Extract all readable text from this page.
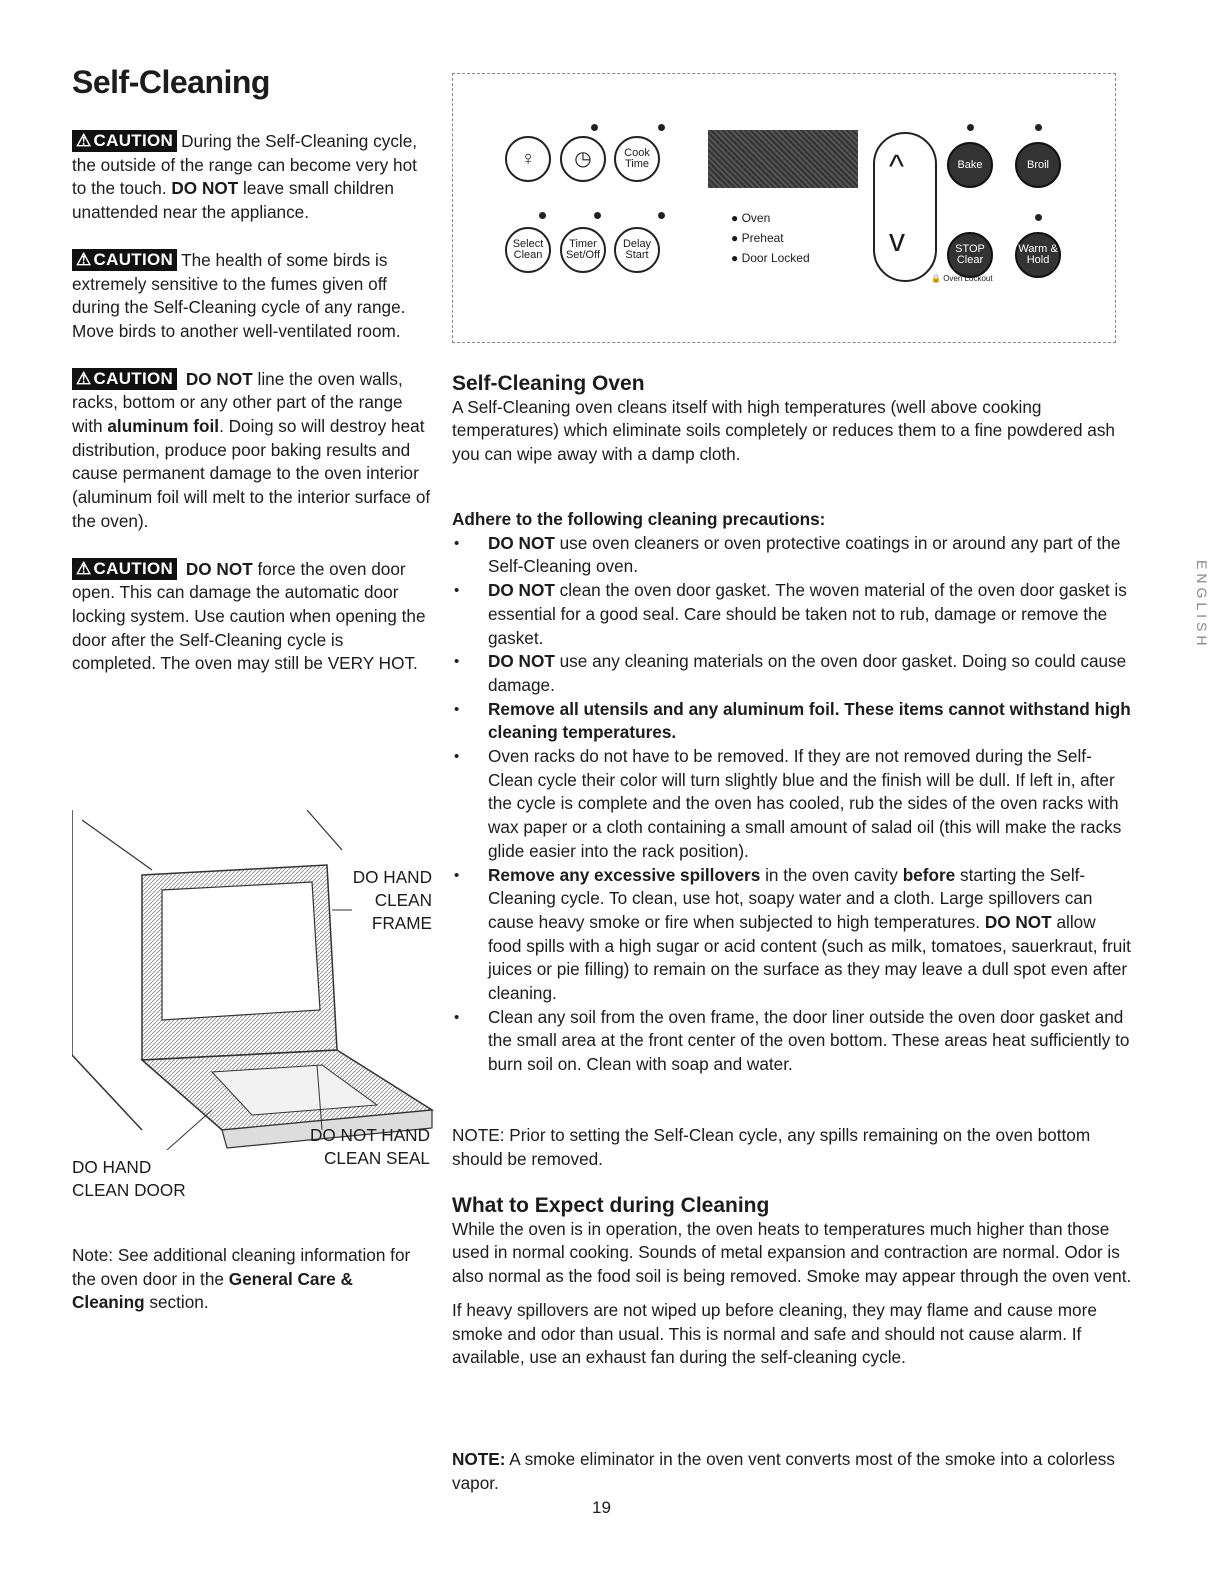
Self-Cleaning
⚠ CAUTION During the Self-Cleaning cycle, the outside of the range can become very hot to the touch. DO NOT leave small children unattended near the appliance.
⚠ CAUTION The health of some birds is extremely sensitive to the fumes given off during the Self-Cleaning cycle of any range. Move birds to another well-ventilated room.
⚠ CAUTION DO NOT line the oven walls, racks, bottom or any other part of the range with aluminum foil. Doing so will destroy heat distribution, produce poor baking results and cause permanent damage to the oven interior (aluminum foil will melt to the interior surface of the oven).
⚠ CAUTION DO NOT force the oven door open. This can damage the automatic door locking system. Use caution when opening the door after the Self-Cleaning cycle is completed. The oven may still be VERY HOT.
DO HAND CLEAN FRAME
DO NOT HAND CLEAN SEAL
DO HAND CLEAN DOOR
Note: See additional cleaning information for the oven door in the General Care & Cleaning section.
♀ ◷	Cook Time
Select Clean
Timer Set/Off
Delay Start
● Oven
● Preheat
● Door Locked
^
v
Bake	Broil
STOP Clear
Warm & Hold
🔒 Oven Lockout
Self-Cleaning Oven

A Self-Cleaning oven cleans itself with high temperatures (well above cooking temperatures) which eliminate soils completely or reduces them to a fine powdered ash you can wipe away with a damp cloth.

Adhere to the following cleaning precautions:

• DO NOT use oven cleaners or oven protective coatings in or around any part of the Self-Cleaning oven.
• DO NOT clean the oven door gasket. The woven material of the oven door gasket is essential for a good seal. Care should be taken not to rub, damage or remove the gasket.
• DO NOT use any cleaning materials on the oven door gasket. Doing so could cause damage.
• Remove all utensils and any aluminum foil. These items cannot withstand high cleaning temperatures.
• Oven racks do not have to be removed. If they are not removed during the Self-Clean cycle their color will turn slightly blue and the finish will be dull. If left in, after the cycle is complete and the oven has cooled, rub the sides of the oven racks with wax paper or a cloth containing a small amount of salad oil (this will make the racks glide easier into the rack position).
• Remove any excessive spillovers in the oven cavity before starting the Self-Cleaning cycle. To clean, use hot, soapy water and a cloth. Large spillovers can cause heavy smoke or fire when subjected to high temperatures. DO NOT allow food spills with a high sugar or acid content (such as milk, tomatoes, sauerkraut, fruit juices or pie filling) to remain on the surface as they may leave a dull spot even after cleaning.
• Clean any soil from the oven frame, the door liner outside the oven door gasket and the small area at the front center of the oven bottom. These areas heat sufficiently to burn soil on. Clean with soap and water.
NOTE: Prior to setting the Self-Clean cycle, any spills remaining on the oven bottom should be removed.
What to Expect during Cleaning

While the oven is in operation, the oven heats to temperatures much higher than those used in normal cooking. Sounds of metal expansion and contraction are normal. Odor is also normal as the food soil is being removed. Smoke may appear through the oven vent.

If heavy spillovers are not wiped up before cleaning, they may flame and cause more smoke and odor than usual. This is normal and safe and should not cause alarm. If available, use an exhaust fan during the self-cleaning cycle.

NOTE: A smoke eliminator in the oven vent converts most of the smoke into a colorless vapor.
ENGLISH
19
